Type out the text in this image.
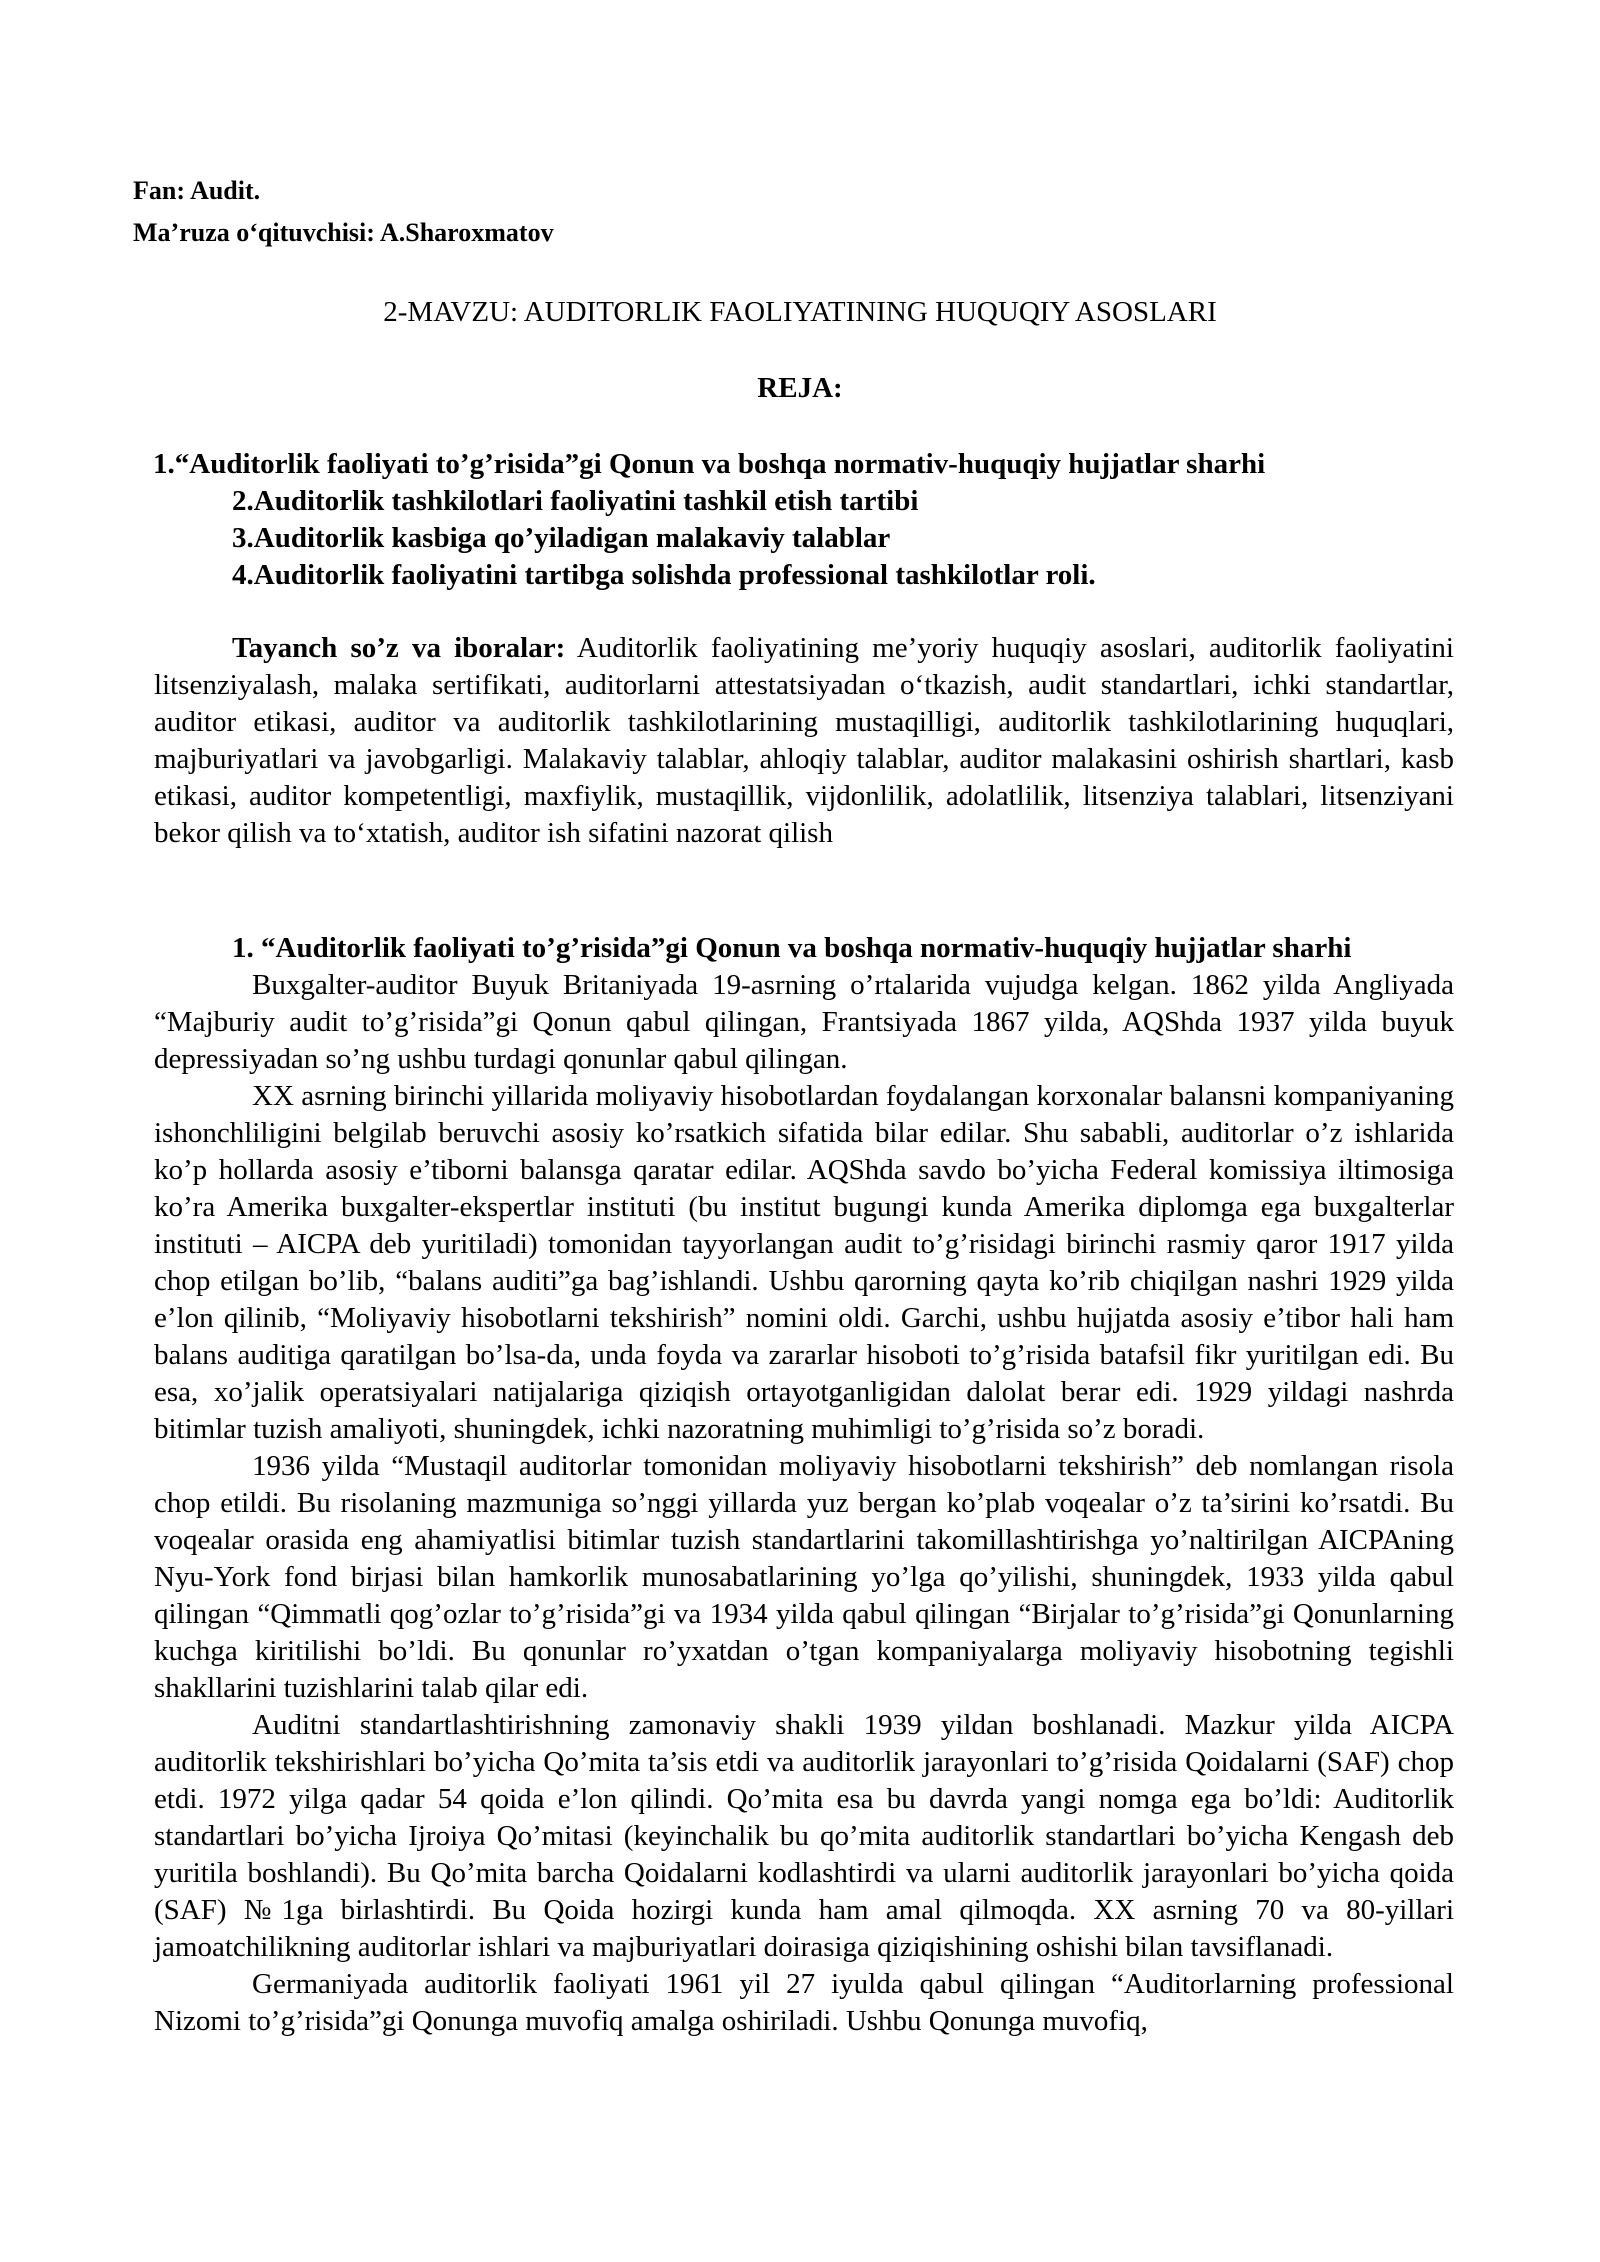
Fan: Audit.
Ma’ruza o‘qituvchisi: A.Sharoxmatov
2-MAVZU: AUDITORLIK FAOLIYATINING HUQUQIY ASOSLARI
REJA:
1.“Auditorlik faoliyati to’g’risida”gi Qonun va boshqa normativ-huquqiy hujjatlar sharhi
2.Auditorlik tashkilotlari faoliyatini tashkil etish tartibi
3.Auditorlik kasbiga qo’yiladigan malakaviy talablar
4.Auditorlik faoliyatini tartibga solishda professional tashkilotlar roli.

Tayanch so’z va iboralar: Auditorlik faoliyatining me’yoriy huquqiy asoslari, auditorlik faoliyatini litsenziyalash, malaka sertifikati, auditorlarni attestatsiyadan o‘tkazish, audit standartlari, ichki standartlar, auditor etikasi, auditor va auditorlik tashkilotlarining mustaqilligi, auditorlik tashkilotlarining huquqlari, majburiyatlari va javobgarligi. Malakaviy talablar, ahloqiy talablar, auditor malakasini oshirish shartlari, kasb etikasi, auditor kompetentligi, maxfiylik, mustaqillik, vijdonlilik, adolatlilik, litsenziya talablari, litsenziyani bekor qilish va to‘xtatish, auditor ish sifatini nazorat qilish

1. “Auditorlik faoliyati to’g’risida”gi Qonun va boshqa normativ-huquqiy hujjatlar sharhi

Buxgalter-auditor Buyuk Britaniyada 19-asrning o’rtalarida vujudga kelgan. 1862 yilda Angliyada “Majburiy audit to’g’risida”gi Qonun qabul qilingan, Frantsiyada 1867 yilda, AQShda 1937 yilda buyuk depressiyadan so’ng ushbu turdagi qonunlar qabul qilingan.

XX asrning birinchi yillarida moliyaviy hisobotlardan foydalangan korxonalar balansni kompaniyaning ishonchliligini belgilab beruvchi asosiy ko’rsatkich sifatida bilar edilar. Shu sababli, auditorlar o’z ishlarida ko’p hollarda asosiy e’tiborni balansga qaratar edilar. AQShda savdo bo’yicha Federal komissiya iltimosiga ko’ra Amerika buxgalter-ekspertlar instituti (bu institut bugungi kunda Amerika diplomga ega buxgalterlar instituti – AICPA deb yuritiladi) tomonidan tayyorlangan audit to’g’risidagi birinchi rasmiy qaror 1917 yilda chop etilgan bo’lib, “balans auditi”ga bag’ishlandi. Ushbu qarorning qayta ko’rib chiqilgan nashri 1929 yilda e’lon qilinib, “Moliyaviy hisobotlarni tekshirish” nomini oldi. Garchi, ushbu hujjatda asosiy e’tibor hali ham balans auditiga qaratilgan bo’lsa-da, unda foyda va zararlar hisoboti to’g’risida batafsil fikr yuritilgan edi. Bu esa, xo’jalik operatsiyalari natijalariga qiziqish ortayotganligidan dalolat berar edi. 1929 yildagi nashrda bitimlar tuzish amaliyoti, shuningdek, ichki nazoratning muhimligi to’g’risida so’z boradi.

1936 yilda “Mustaqil auditorlar tomonidan moliyaviy hisobotlarni tekshirish” deb nomlangan risola chop etildi. Bu risolaning mazmuniga so’nggi yillarda yuz bergan ko’plab voqealar o’z ta’sirini ko’rsatdi. Bu voqealar orasida eng ahamiyatlisi bitimlar tuzish standartlarini takomillashtirishga yo’naltirilgan AICPAning Nyu-York fond birjasi bilan hamkorlik munosabatlarining yo’lga qo’yilishi, shuningdek, 1933 yilda qabul qilingan “Qimmatli qog’ozlar to’g’risida”gi va 1934 yilda qabul qilingan “Birjalar to’g’risida”gi Qonunlarning kuchga kiritilishi bo’ldi. Bu qonunlar ro’yxatdan o’tgan kompaniyalarga moliyaviy hisobotning tegishli shakllarini tuzishlarini talab qilar edi.

Auditni standartlashtirishning zamonaviy shakli 1939 yildan boshlanadi. Mazkur yilda AICPA auditorlik tekshirishlari bo’yicha Qo’mita ta’sis etdi va auditorlik jarayonlari to’g’risida Qoidalarni (SAF) chop etdi. 1972 yilga qadar 54 qoida e’lon qilindi. Qo’mita esa bu davrda yangi nomga ega bo’ldi: Auditorlik standartlari bo’yicha Ijroiya Qo’mitasi (keyinchalik bu qo’mita auditorlik standartlari bo’yicha Kengash deb yuritila boshlandi). Bu Qo’mita barcha Qoidalarni kodlashtirdi va ularni auditorlik jarayonlari bo’yicha qoida (SAF) №1ga birlashtirdi. Bu Qoida hozirgi kunda ham amal qilmoqda. XX asrning 70 va 80-yillari jamoatchilikning auditorlar ishlari va majburiyatlari doirasiga qiziqishining oshishi bilan tavsiflanadi.

Germaniyada auditorlik faoliyati 1961 yil 27 iyulda qabul qilingan “Auditorlarning professional Nizomi to’g’risida”gi Qonunga muvofiq amalga oshiriladi. Ushbu Qonunga muvofiq,
